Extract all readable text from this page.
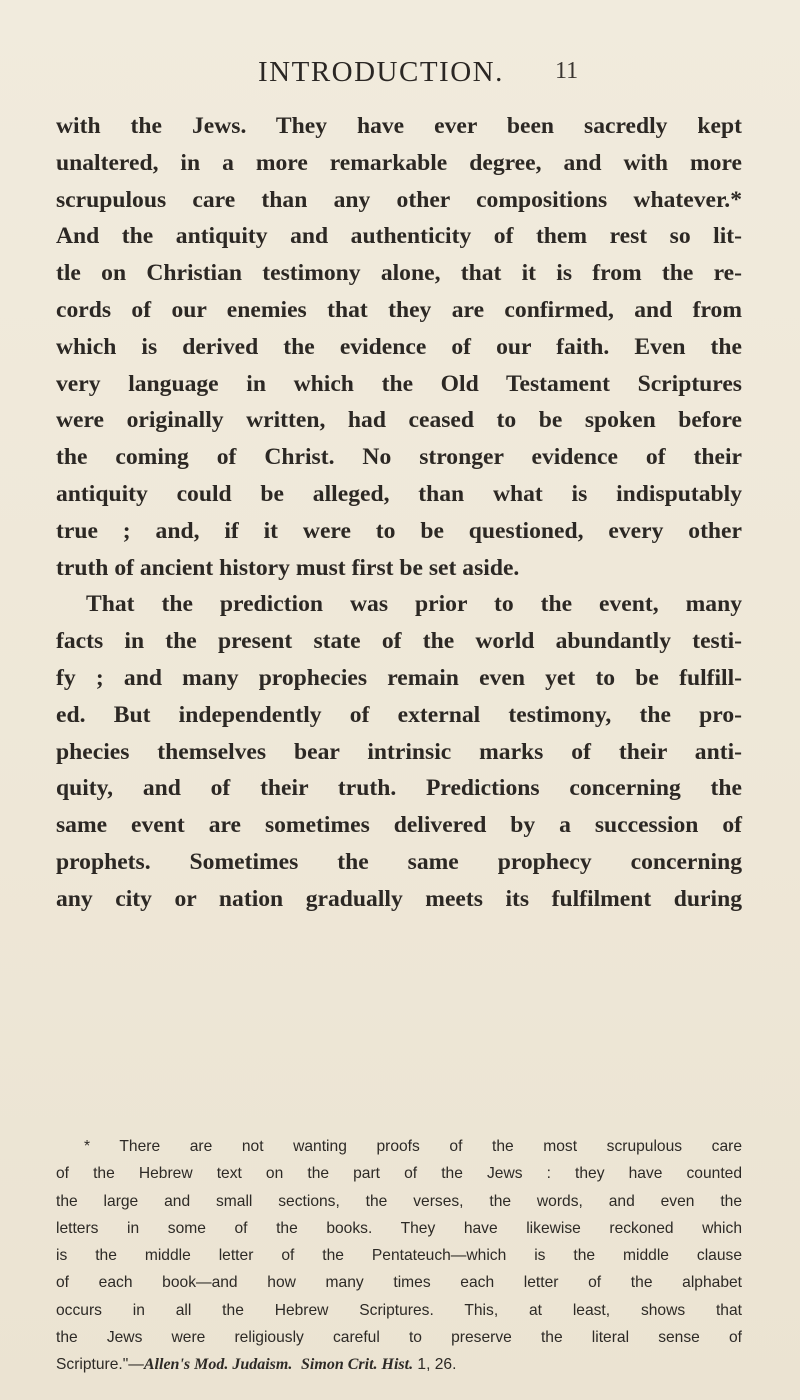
INTRODUCTION. 11
with the Jews. They have ever been sacredly kept
unaltered, in a more remarkable degree, and with more
scrupulous care than any other compositions whatever.*
And the antiquity and authenticity of them rest so lit-
tle on Christian testimony alone, that it is from the re-
cords of our enemies that they are confirmed, and from
which is derived the evidence of our faith. Even the
very language in which the Old Testament Scriptures
were originally written, had ceased to be spoken before
the coming of Christ. No stronger evidence of their
antiquity could be alleged, than what is indisputably
true ; and, if it were to be questioned, every other
truth of ancient history must first be set aside.
That the prediction was prior to the event, many
facts in the present state of the world abundantly testi-
fy ; and many prophecies remain even yet to be fulfill-
ed. But independently of external testimony, the pro-
phecies themselves bear intrinsic marks of their anti-
quity, and of their truth. Predictions concerning the
same event are sometimes delivered by a succession of
prophets. Sometimes the same prophecy concerning
any city or nation gradually meets its fulfilment during
* There are not wanting proofs of the most scrupulous care
of the Hebrew text on the part of the Jews : they have counted
the large and small sections, the verses, the words, and even the
letters in some of the books. They have likewise reckoned which
is the middle letter of the Pentateuch—which is the middle clause
of each book—and how many times each letter of the alphabet
occurs in all the Hebrew Scriptures. This, at least, shows that
the Jews were religiously careful to preserve the literal sense of
Scripture."—Allen's Mod. Judaism. Simon Crit. Hist. 1, 26.
